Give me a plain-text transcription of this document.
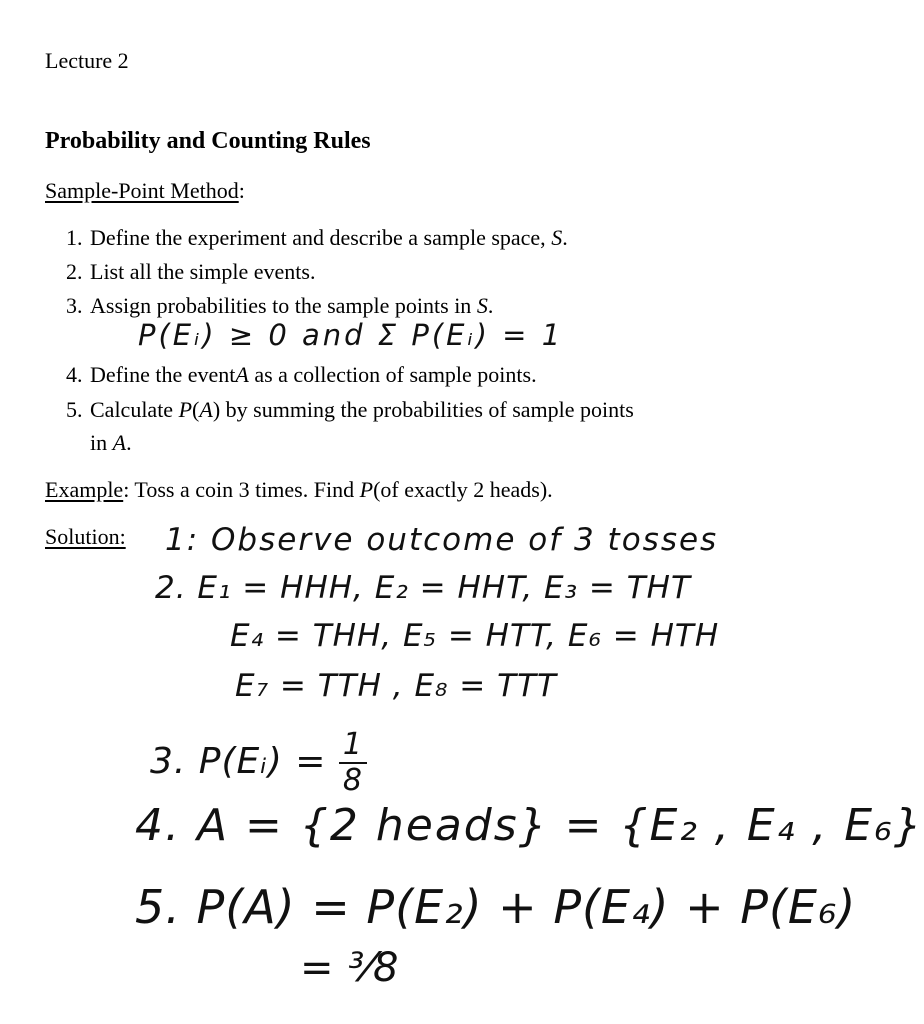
Lecture 2
Probability and Counting Rules
Sample-Point Method:
1. Define the experiment and describe a sample space, S.
2. List all the simple events.
3. Assign probabilities to the sample points in S.
P(Eᵢ) ≥ 0 and Σ P(Eᵢ) = 1
4. Define the eventA as a collection of sample points.
5. Calculate P(A) by summing the probabilities of sample points
in A.
Example: Toss a coin 3 times. Find P(of exactly 2 heads).
Solution: 1: Observe outcome of 3 tosses
2. E₁ = HHH, E₂ = HHT, E₃ = THT
E₄ = THH, E₅ = HTT, E₆ = HTH
E₇ = TTH , E₈ = TTT
3. P(Eᵢ) = $\frac{1}{8}$
4. A = {2 heads} = {E₂ , E₄ , E₆}
5. P(A) = P(E₂) + P(E₄) + P(E₆)
= ³⁄8
